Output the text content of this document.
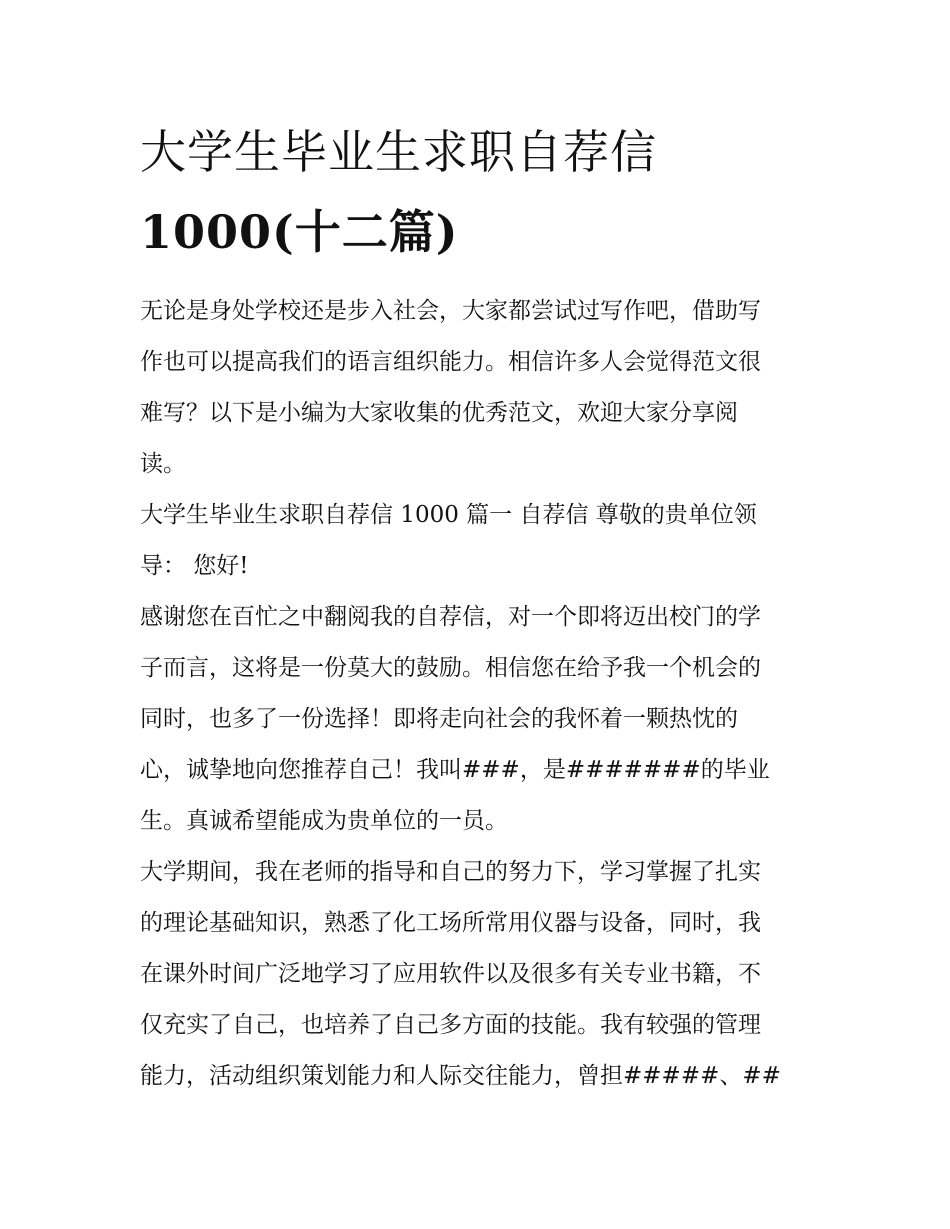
大学生毕业生求职自荐信
1000(十二篇)

无论是身处学校还是步入社会，大家都尝试过写作吧，借助写
作也可以提高我们的语言组织能力。相信许多人会觉得范文很
难写？以下是小编为大家收集的优秀范文，欢迎大家分享阅
读。

大学生毕业生求职自荐信 1000 篇一 自荐信 尊敬的贵单位领
导： 您好!

感谢您在百忙之中翻阅我的自荐信，对一个即将迈出校门的学
子而言，这将是一份莫大的鼓励。相信您在给予我一个机会的
同时，也多了一份选择！即将走向社会的我怀着一颗热忱的
心，诚挚地向您推荐自己！我叫###，是#######的毕业
生。真诚希望能成为贵单位的一员。

大学期间，我在老师的指导和自己的努力下，学习掌握了扎实
的理论基础知识，熟悉了化工场所常用仪器与设备，同时，我
在课外时间广泛地学习了应用软件以及很多有关专业书籍，不
仅充实了自己，也培养了自己多方面的技能。我有较强的管理
能力，活动组织策划能力和人际交往能力，曾担#####、##
